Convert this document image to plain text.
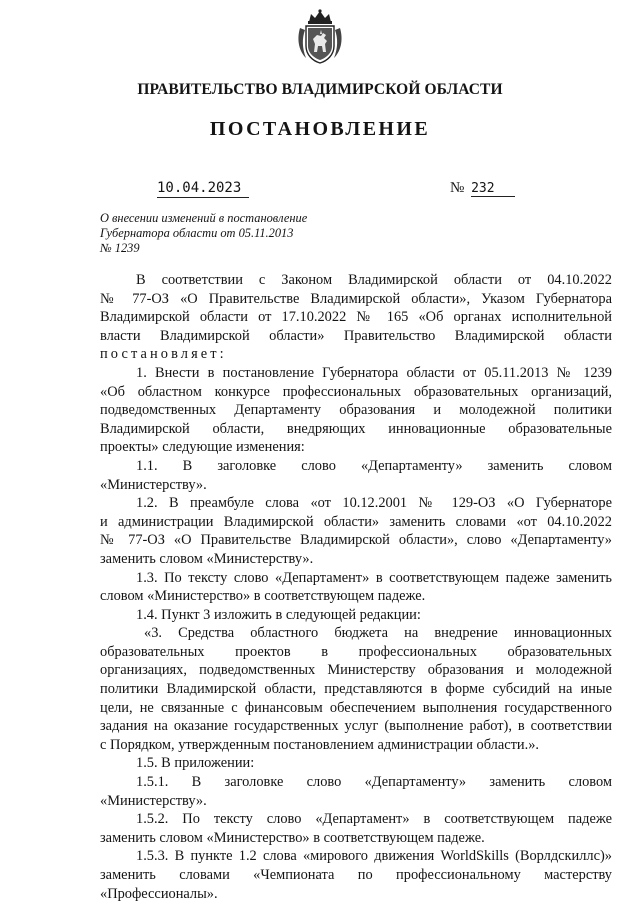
ПРАВИТЕЛЬСТВО ВЛАДИМИРСКОЙ ОБЛАСТИ
ПОСТАНОВЛЕНИЕ
10.04.2023	№ 232
О внесении изменений в постановление
Губернатора области от 05.11.2013
№ 1239
В соответствии с Законом Владимирской области от 04.10.2022
№ 77-ОЗ «О Правительстве Владимирской области», Указом Губернатора
Владимирской области от 17.10.2022 № 165 «Об органах исполнительной
власти Владимирской области» Правительство Владимирской области
постановляет:
1. Внести в постановление Губернатора области от 05.11.2013 № 1239
«Об областном конкурсе профессиональных образовательных организаций,
подведомственных Департаменту образования и молодежной политики
Владимирской области, внедряющих инновационные образовательные
проекты» следующие изменения:
1.1. В заголовке слово «Департаменту» заменить словом
«Министерству».
1.2. В преамбуле слова «от 10.12.2001 № 129-ОЗ «О Губернаторе
и администрации Владимирской области» заменить словами «от 04.10.2022
№ 77-ОЗ «О Правительстве Владимирской области», слово «Департаменту»
заменить словом «Министерству».
1.3. По тексту слово «Департамент» в соответствующем падеже заменить
словом «Министерство» в соответствующем падеже.
1.4. Пункт 3 изложить в следующей редакции:
«3. Средства областного бюджета на внедрение инновационных
образовательных проектов в профессиональных образовательных
организациях, подведомственных Министерству образования и молодежной
политики Владимирской области, представляются в форме субсидий на иные
цели, не связанные с финансовым обеспечением выполнения государственного
задания на оказание государственных услуг (выполнение работ), в соответствии
с Порядком, утвержденным постановлением администрации области.».
1.5. В приложении:
1.5.1. В заголовке слово «Департаменту» заменить словом
«Министерству».
1.5.2. По тексту слово «Департамент» в соответствующем падеже
заменить словом «Министерство» в соответствующем падеже.
1.5.3. В пункте 1.2 слова «мирового движения WorldSkills (Ворлдскиллс)»
заменить словами «Чемпионата по профессиональному мастерству
«Профессионалы».
